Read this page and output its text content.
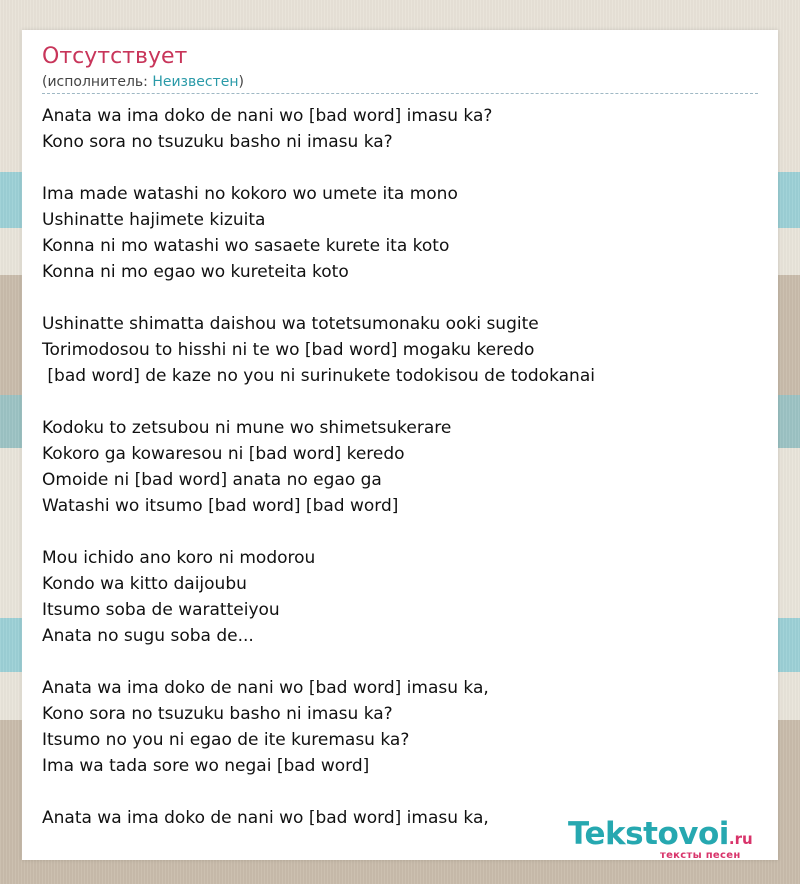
Отсутствует
(исполнитель: Неизвестен)
Anata wa ima doko de nani wo [bad word] imasu ka?
Kono sora no tsuzuku basho ni imasu ka?
Ima made watashi no kokoro wo umete ita mono
Ushinatte hajimete kizuita
Konna ni mo watashi wo sasaete kurete ita koto
Konna ni mo egao wo kureteita koto
Ushinatte shimatta daishou wa totetsumonaku ooki sugite
Torimodosou to hisshi ni te wo [bad word] mogaku keredo
[bad word] de kaze no you ni surinukete todokisou de todokanai
Kodoku to zetsubou ni mune wo shimetsukerare
Kokoro ga kowaresou ni [bad word] keredo
Omoide ni [bad word] anata no egao ga
Watashi wo itsumo [bad word] [bad word]
Mou ichido ano koro ni modorou
Kondo wa kitto daijoubu
Itsumo soba de waratteiyou
Anata no sugu soba de...
Anata wa ima doko de nani wo [bad word] imasu ka,
Kono sora no tsuzuku basho ni imasu ka?
Itsumo no you ni egao de ite kuremasu ka?
Ima wa tada sore wo negai [bad word]
Anata wa ima doko de nani wo [bad word] imasu ka,	Tekstovoi.ru
тексты песен
